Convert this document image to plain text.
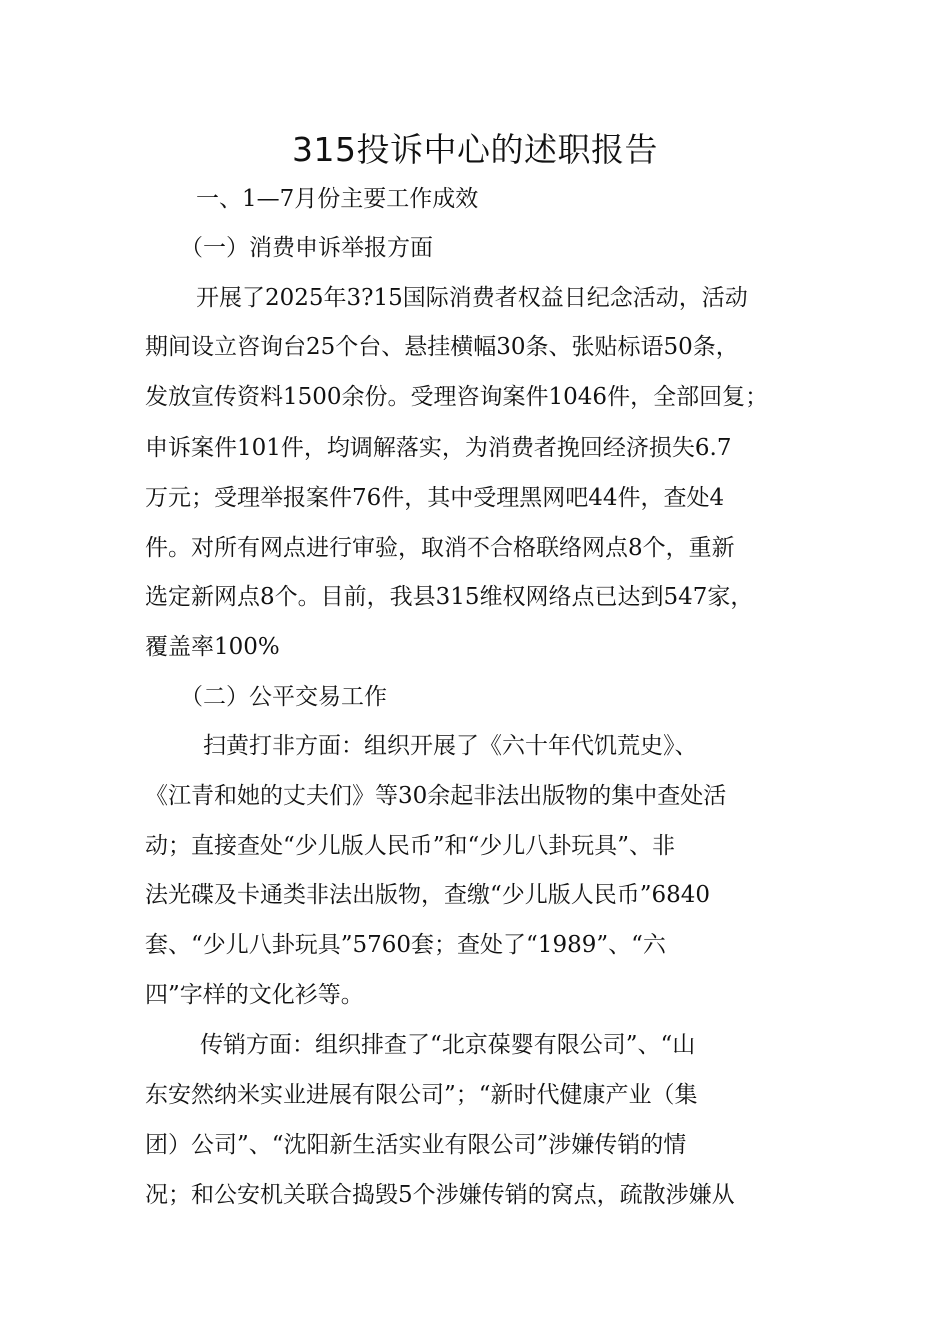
315投诉中心的述职报告

一、1—7月份主要工作成效

（一）消费申诉举报方面

开展了2025年3?15国际消费者权益日纪念活动，活动

期间设立咨询台25个台、悬挂横幅30条、张贴标语50条，

发放宣传资料1500余份。受理咨询案件1046件，全部回复；

申诉案件101件，均调解落实，为消费者挽回经济损失6.7

万元；受理举报案件76件，其中受理黑网吧44件，查处4

件。对所有网点进行审验，取消不合格联络网点8个，重新

选定新网点8个。目前，我县315维权网络点已达到547家，

覆盖率100%

（二）公平交易工作

扫黄打非方面：组织开展了《六十年代饥荒史》、

《江青和她的丈夫们》等30余起非法出版物的集中查处活

动；直接查处“少儿版人民币”和“少儿八卦玩具”、非

法光碟及卡通类非法出版物，查缴“少儿版人民币”6840

套、“少儿八卦玩具”5760套；查处了“1989”、“六

四”字样的文化衫等。

传销方面：组织排查了“北京葆婴有限公司”、“山

东安然纳米实业进展有限公司”；“新时代健康产业（集

团）公司”、“沈阳新生活实业有限公司”涉嫌传销的情

况；和公安机关联合捣毁5个涉嫌传销的窝点，疏散涉嫌从
